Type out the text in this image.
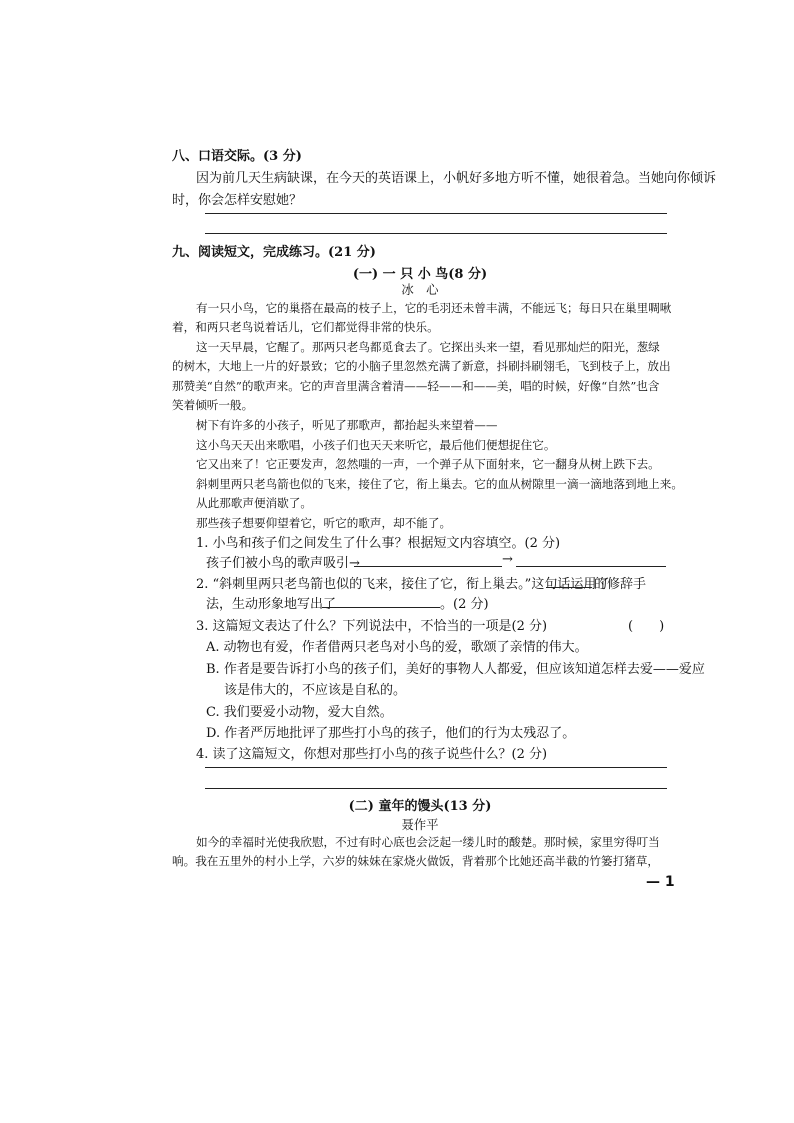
八、口语交际。(3 分)
因为前几天生病缺课，在今天的英语课上，小帆好多地方听不懂，她很着急。当她向你倾诉
时，你会怎样安慰她？
九、阅读短文，完成练习。(21 分)
(一) 一 只 小 鸟(8 分)
冰　心
有一只小鸟，它的巢搭在最高的枝子上，它的毛羽还未曾丰满，不能远飞；每日只在巢里啁啾
着，和两只老鸟说着话儿，它们都觉得非常的快乐。
这一天早晨，它醒了。那两只老鸟都觅食去了。它探出头来一望，看见那灿烂的阳光，葱绿
的树木，大地上一片的好景致；它的小脑子里忽然充满了新意，抖刷抖刷翎毛，飞到枝子上，放出
那赞美“自然”的歌声来。它的声音里满含着清——轻——和——美，唱的时候，好像“自然”也含
笑着倾听一般。
树下有许多的小孩子，听见了那歌声，都抬起头来望着——
这小鸟天天出来歌唱，小孩子们也天天来听它，最后他们便想捉住它。
它又出来了！它正要发声，忽然嗤的一声，一个弹子从下面射来，它一翻身从树上跌下去。
斜刺里两只老鸟箭也似的飞来，接住了它，衔上巢去。它的血从树隙里一滴一滴地落到地上来。
从此那歌声便消歇了。
那些孩子想要仰望着它，听它的歌声，却不能了。
1. 小鸟和孩子们之间发生了什么事？根据短文内容填空。(2 分)
孩子们被小鸟的歌声吸引→	→
2. “斜刺里两只老鸟箭也似的飞来，接住了它，衔上巢去。”这句话运用了
的修辞手
法，生动形象地写出了	。(2 分)
3. 这篇短文表达了什么？下列说法中，不恰当的一项是(2 分)	(　　)
A. 动物也有爱，作者借两只老鸟对小鸟的爱，歌颂了亲情的伟大。
B. 作者是要告诉打小鸟的孩子们，美好的事物人人都爱，但应该知道怎样去爱——爱应
该是伟大的，不应该是自私的。
C. 我们要爱小动物，爱大自然。
D. 作者严厉地批评了那些打小鸟的孩子，他们的行为太残忍了。
4. 读了这篇短文，你想对那些打小鸟的孩子说些什么？(2 分)
(二) 童年的馒头(13 分)
聂作平
如今的幸福时光使我欣慰，不过有时心底也会泛起一缕儿时的酸楚。那时候，家里穷得叮当
响。我在五里外的村小上学，六岁的妹妹在家烧火做饭，背着那个比她还高半截的竹篓打猪草，
— 1
